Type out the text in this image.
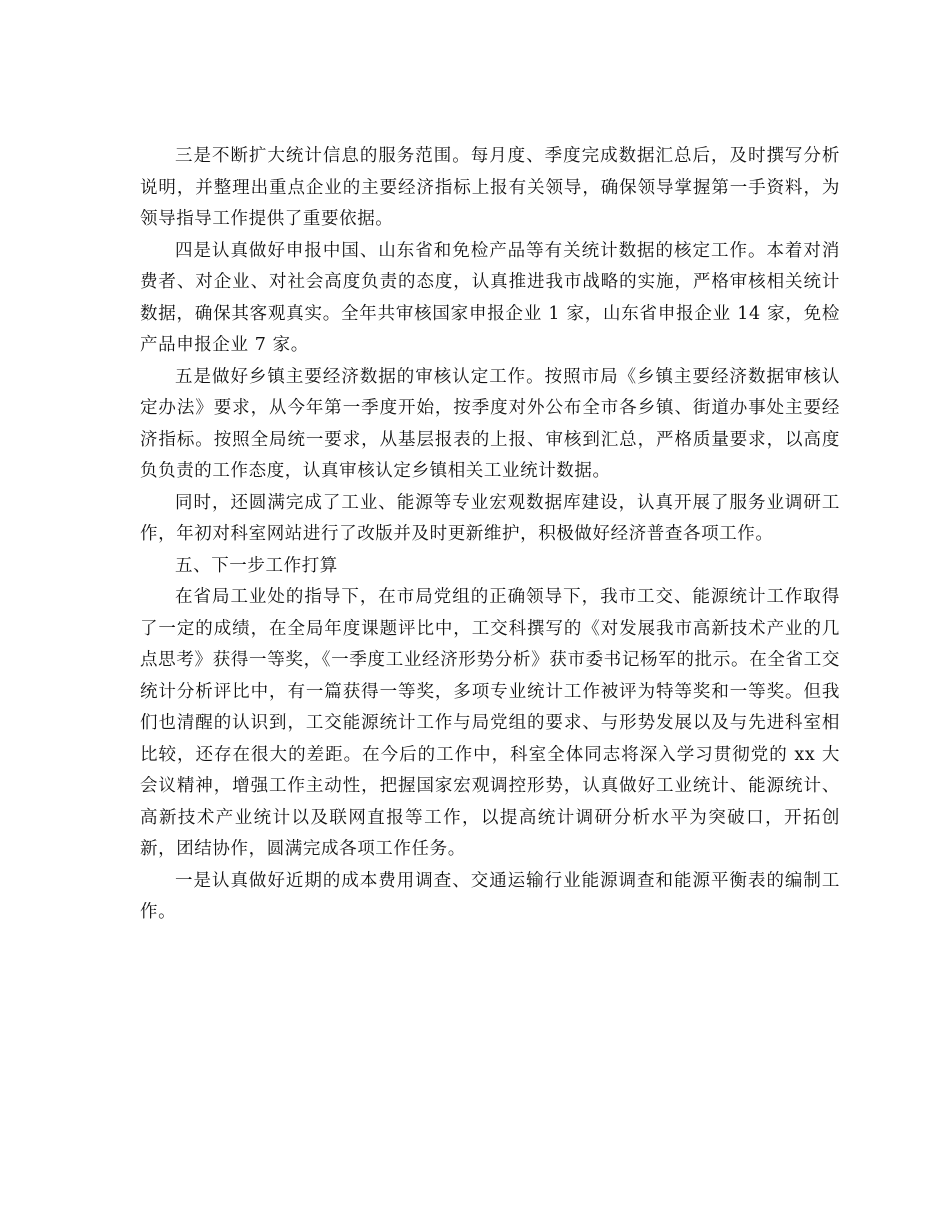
三是不断扩大统计信息的服务范围。每月度、季度完成数据汇总后，及时撰写分析说明，并整理出重点企业的主要经济指标上报有关领导，确保领导掌握第一手资料，为领导指导工作提供了重要依据。

四是认真做好申报中国、山东省和免检产品等有关统计数据的核定工作。本着对消费者、对企业、对社会高度负责的态度，认真推进我市战略的实施，严格审核相关统计数据，确保其客观真实。全年共审核国家申报企业 1 家，山东省申报企业 14 家，免检产品申报企业 7 家。

五是做好乡镇主要经济数据的审核认定工作。按照市局《乡镇主要经济数据审核认定办法》要求，从今年第一季度开始，按季度对外公布全市各乡镇、街道办事处主要经济指标。按照全局统一要求，从基层报表的上报、审核到汇总，严格质量要求，以高度负负责的工作态度，认真审核认定乡镇相关工业统计数据。

同时，还圆满完成了工业、能源等专业宏观数据库建设，认真开展了服务业调研工作，年初对科室网站进行了改版并及时更新维护，积极做好经济普查各项工作。

五、下一步工作打算

在省局工业处的指导下，在市局党组的正确领导下，我市工交、能源统计工作取得了一定的成绩，在全局年度课题评比中，工交科撰写的《对发展我市高新技术产业的几点思考》获得一等奖，《一季度工业经济形势分析》获市委书记杨军的批示。在全省工交统计分析评比中，有一篇获得一等奖，多项专业统计工作被评为特等奖和一等奖。但我们也清醒的认识到，工交能源统计工作与局党组的要求、与形势发展以及与先进科室相比较，还存在很大的差距。在今后的工作中，科室全体同志将深入学习贯彻党的 xx 大会议精神，增强工作主动性，把握国家宏观调控形势，认真做好工业统计、能源统计、高新技术产业统计以及联网直报等工作，以提高统计调研分析水平为突破口，开拓创新，团结协作，圆满完成各项工作任务。

一是认真做好近期的成本费用调查、交通运输行业能源调查和能源平衡表的编制工作。
